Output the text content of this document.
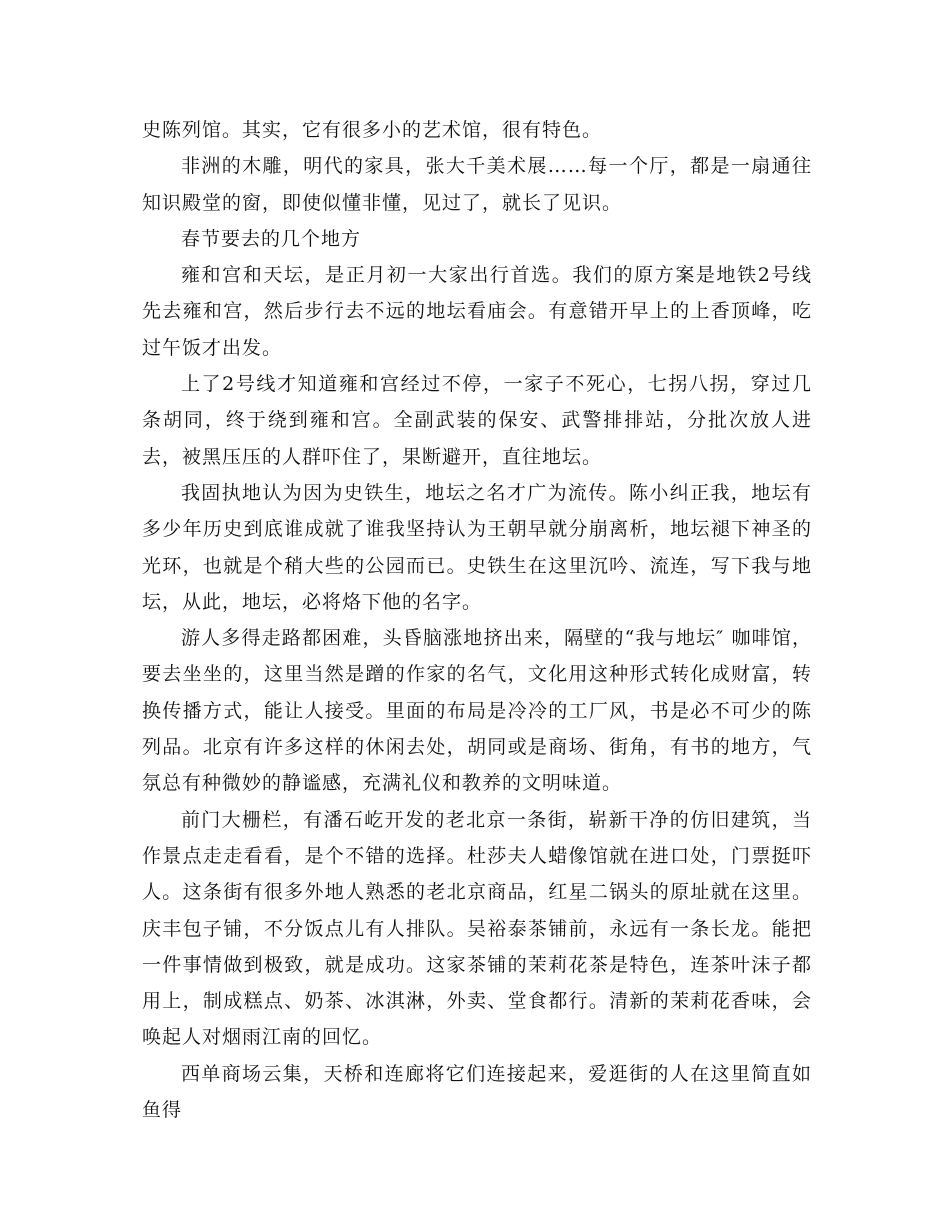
史陈列馆。其实，它有很多小的艺术馆，很有特色。

非洲的木雕，明代的家具，张大千美术展……每一个厅，都是一扇通往知识殿堂的窗，即使似懂非懂，见过了，就长了见识。

春节要去的几个地方

雍和宫和天坛，是正月初一大家出行首选。我们的原方案是地铁2号线先去雍和宫，然后步行去不远的地坛看庙会。有意错开早上的上香顶峰，吃过午饭才出发。

上了2号线才知道雍和宫经过不停，一家子不死心，七拐八拐，穿过几条胡同，终于绕到雍和宫。全副武装的保安、武警排排站，分批次放人进去，被黑压压的人群吓住了，果断避开，直往地坛。

我固执地认为因为史铁生，地坛之名才广为流传。陈小纠正我，地坛有多少年历史到底谁成就了谁我坚持认为王朝早就分崩离析，地坛褪下神圣的光环，也就是个稍大些的公园而已。史铁生在这里沉吟、流连，写下我与地坛，从此，地坛，必将烙下他的名字。

游人多得走路都困难，头昏脑涨地挤出来，隔壁的“我与地坛″ 咖啡馆，要去坐坐的，这里当然是蹭的作家的名气，文化用这种形式转化成财富，转换传播方式，能让人接受。里面的布局是冷冷的工厂风，书是必不可少的陈列品。北京有许多这样的休闲去处，胡同或是商场、街角，有书的地方，气氛总有种微妙的静谧感，充满礼仪和教养的文明味道。

前门大栅栏，有潘石屹开发的老北京一条街，崭新干净的仿旧建筑，当作景点走走看看，是个不错的选择。杜莎夫人蜡像馆就在进口处，门票挺吓人。这条街有很多外地人熟悉的老北京商品，红星二锅头的原址就在这里。庆丰包子铺，不分饭点儿有人排队。吴裕泰茶铺前，永远有一条长龙。能把一件事情做到极致，就是成功。这家茶铺的茉莉花茶是特色，连茶叶沫子都用上，制成糕点、奶茶、冰淇淋，外卖、堂食都行。清新的茉莉花香味，会唤起人对烟雨江南的回忆。

西单商场云集，天桥和连廊将它们连接起来，爱逛街的人在这里简直如鱼得
